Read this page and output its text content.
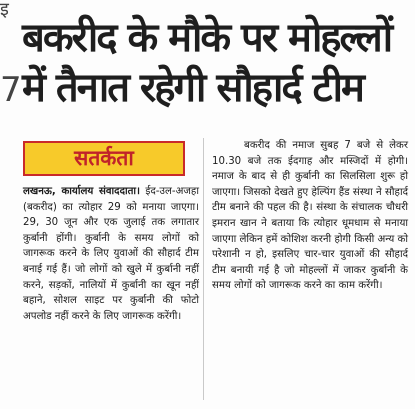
इ
7
बकरीद के मौके पर मोहल्लों
में तैनात रहेगी सौहार्द टीम
सतर्कता

लखनऊ, कार्यालय संवाददाता। ईद-उल-अजहा (बकरीद) का त्योहार 29 को मनाया जाएगा। 29, 30 जून और एक जुलाई तक लगातार कुर्बानी होंगी। कुर्बानी के समय लोगों को जागरूक करने के लिए युवाओं की सौहार्द टीम बनाई गई हैं। जो लोगों को खुले में कुर्बानी नहीं करने, सड़कों, नालियों में कुर्बानी का खून नहीं बहाने, सोशल साइट पर कुर्बानी की फोटो अपलोड नहीं करने के लिए जागरूक करेंगी।

बकरीद की नमाज सुबह 7 बजे से लेकर 10.30 बजे तक ईदगाह और मस्जिदों में होगी। नमाज के बाद से ही कुर्बानी का सिलसिला शुरू हो जाएगा। जिसको देखते हुए हेल्पिंग हैंड संस्था ने सौहार्द टीम बनाने की पहल की है। संस्था के संचालक चौधरी इमरान खान ने बताया कि त्योहार धूमधाम से मनाया जाएगा लेकिन हमें कोशिश करनी होगी किसी अन्य को परेशानी न हो, इसलिए चार-चार युवाओं की सौहार्द टीम बनायी गई है जो मोहल्लों में जाकर कुर्बानी के समय लोगों को जागरूक करने का काम करेंगी।
